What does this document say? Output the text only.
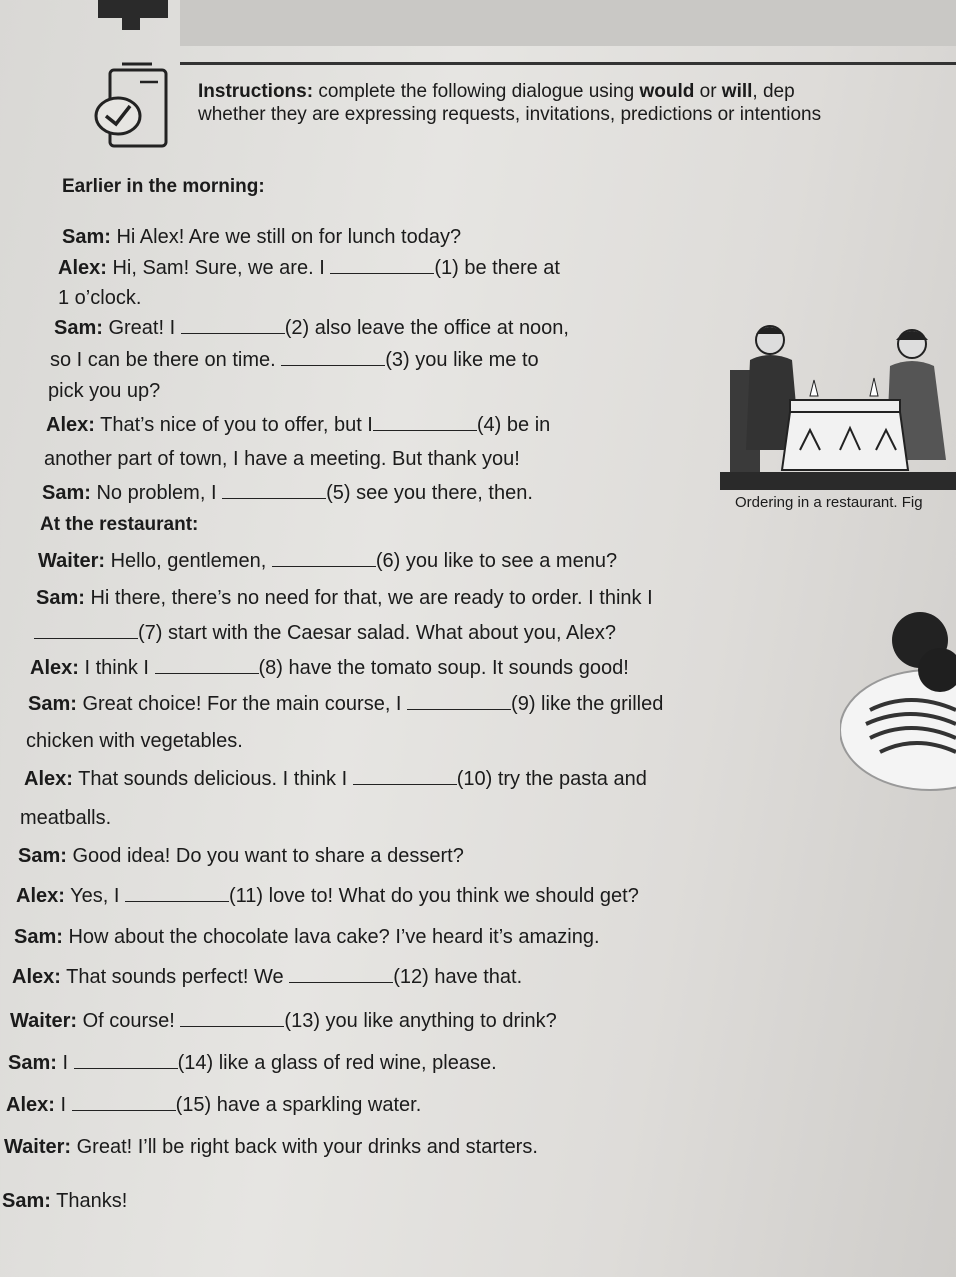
Instructions: complete the following dialogue using would or will, dep
whether they are expressing requests, invitations, predictions or intentions
Earlier in the morning:
At the restaurant:
Sam: Hi Alex! Are we still on for lunch today?
Alex: Hi, Sam! Sure, we are. I	(1) be there at
1 o’clock.
Sam: Great! I	(2) also leave the office at noon,
so I can be there on time.	(3) you like me to
pick you up?
Alex: That’s nice of you to offer, but I	(4) be in
another part of town, I have a meeting. But thank you!
Sam: No problem, I	(5) see you there, then.
Waiter: Hello, gentlemen,	(6) you like to see a menu?
Sam: Hi there, there’s no need for that, we are ready to order. I think I
(7) start with the Caesar salad. What about you, Alex?
Alex: I think I	(8) have the tomato soup. It sounds good!
Sam: Great choice! For the main course, I	(9) like the grilled
chicken with vegetables.
Alex: That sounds delicious. I think I	(10) try the pasta and
meatballs.
Sam: Good idea! Do you want to share a dessert?
Alex: Yes, I	(11) love to! What do you think we should get?
Sam: How about the chocolate lava cake? I’ve heard it’s amazing.
Alex: That sounds perfect! We	(12) have that.
Waiter: Of course!	(13) you like anything to drink?
Sam: I	(14) like a glass of red wine, please.
Alex: I	(15) have a sparkling water.
Waiter: Great! I’ll be right back with your drinks and starters.
Sam: Thanks!
Ordering in a restaurant. Fig
